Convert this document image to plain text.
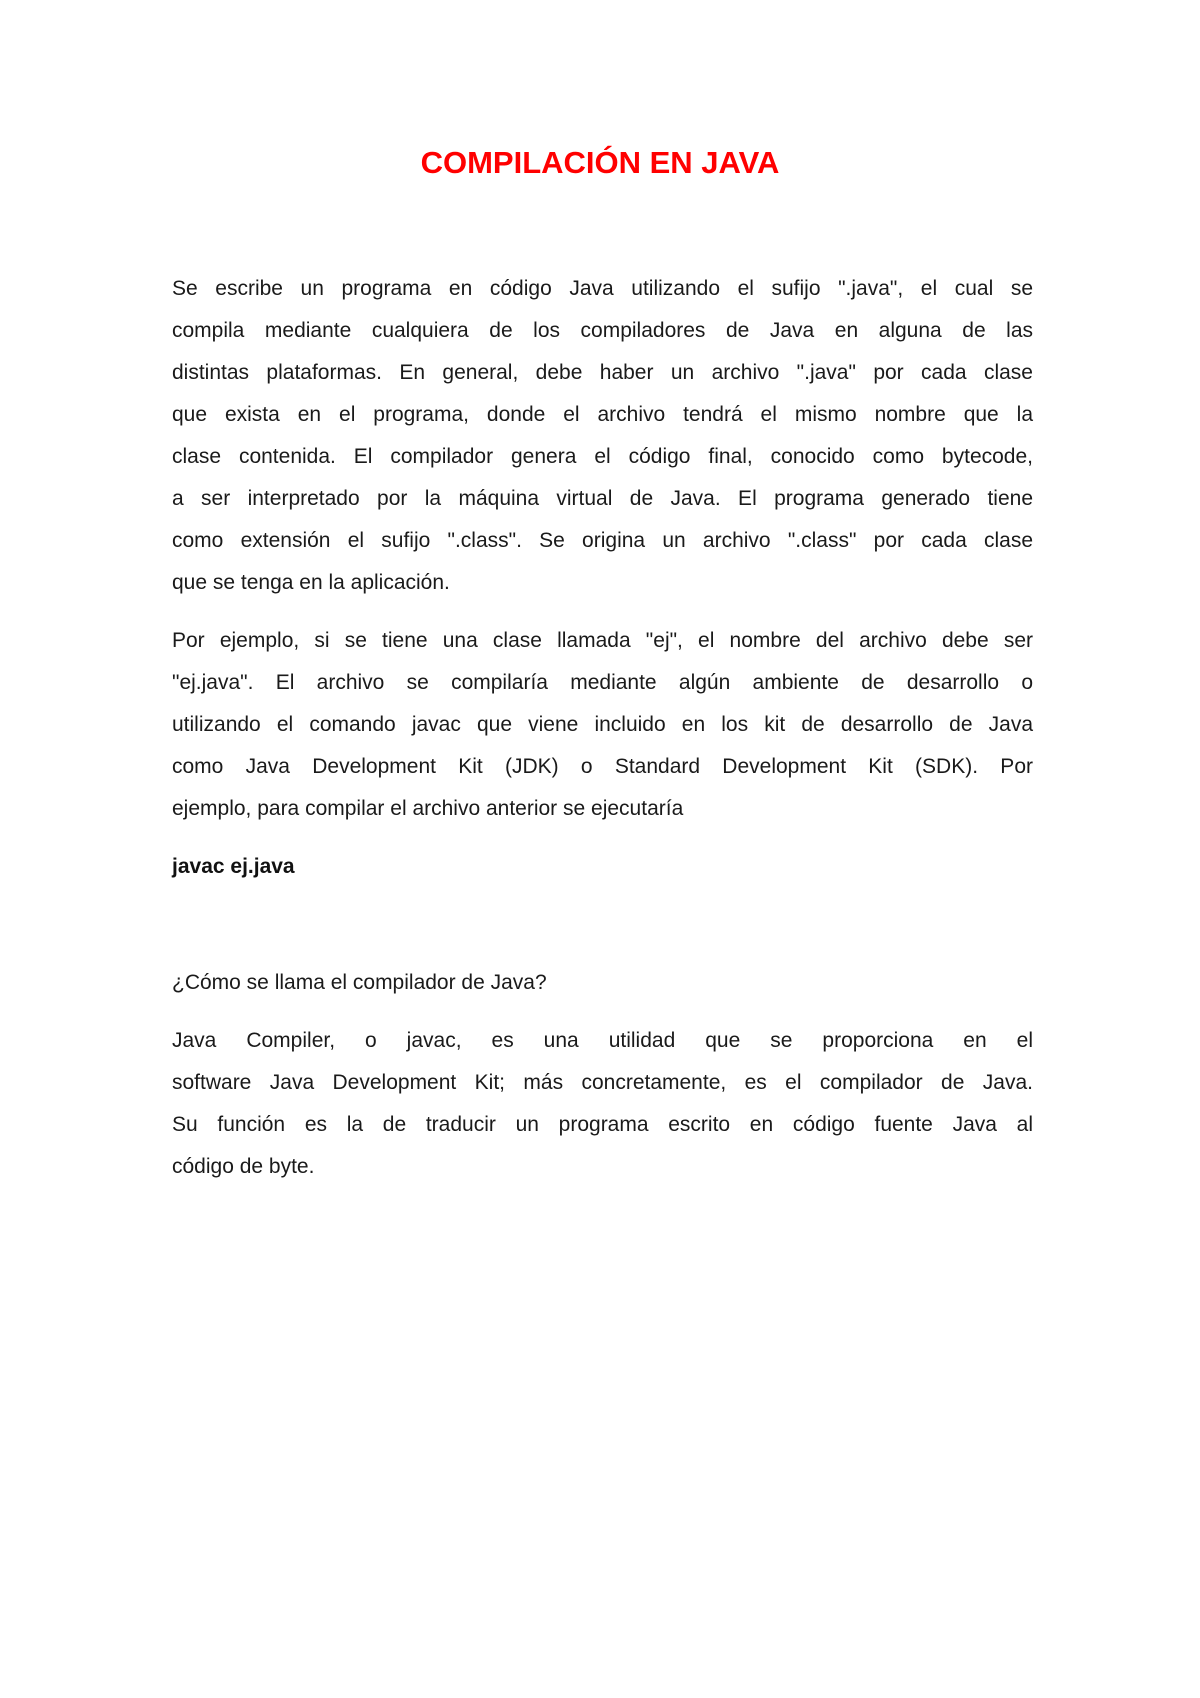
COMPILACIÓN EN JAVA

Se escribe un programa en código Java utilizando el sufijo ".java", el cual se
compila mediante cualquiera de los compiladores de Java en alguna de las
distintas plataformas. En general, debe haber un archivo ".java" por cada clase
que exista en el programa, donde el archivo tendrá el mismo nombre que la
clase contenida. El compilador genera el código final, conocido como bytecode,
a ser interpretado por la máquina virtual de Java. El programa generado tiene
como extensión el sufijo ".class". Se origina un archivo ".class" por cada clase
que se tenga en la aplicación.

Por ejemplo, si se tiene una clase llamada "ej", el nombre del archivo debe ser
"ej.java". El archivo se compilaría mediante algún ambiente de desarrollo o
utilizando el comando javac que viene incluido en los kit de desarrollo de Java
como Java Development Kit (JDK) o Standard Development Kit (SDK). Por
ejemplo, para compilar el archivo anterior se ejecutaría

javac ej.java

¿Cómo se llama el compilador de Java?

Java Compiler, o javac, es una utilidad que se proporciona en el
software Java Development Kit; más concretamente, es el compilador de Java.
Su función es la de traducir un programa escrito en código fuente Java al
código de byte.
